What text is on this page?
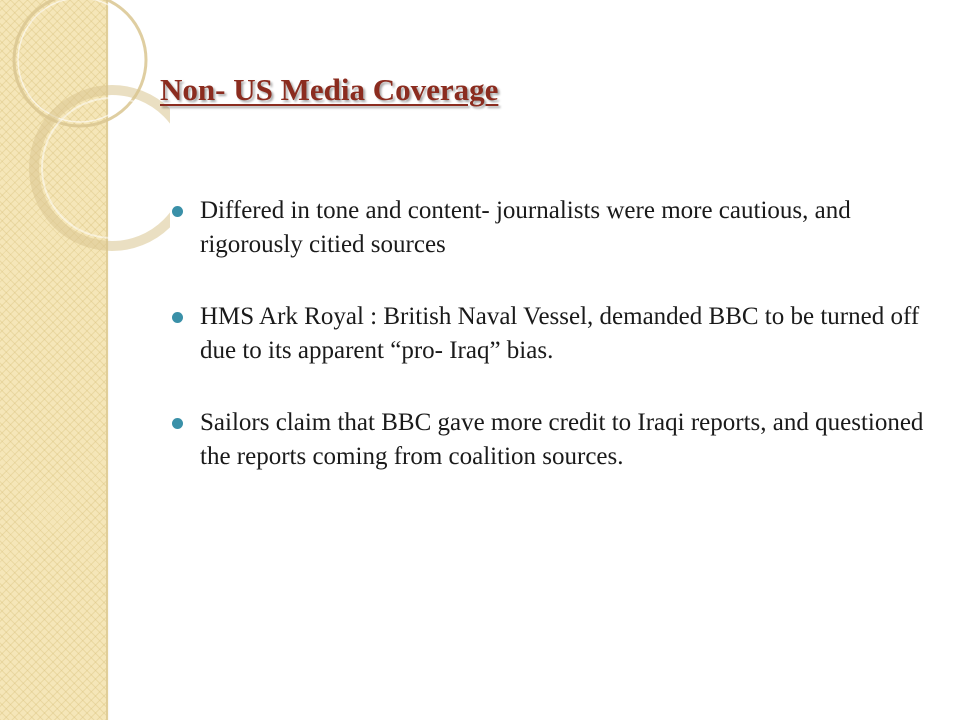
Non- US Media Coverage
Differed in tone and content- journalists were more cautious, and rigorously citied sources
HMS Ark Royal : British Naval Vessel, demanded BBC to be turned off due to its apparent “pro- Iraq” bias.
Sailors claim that BBC gave more credit to Iraqi reports, and questioned the reports coming from coalition sources.
